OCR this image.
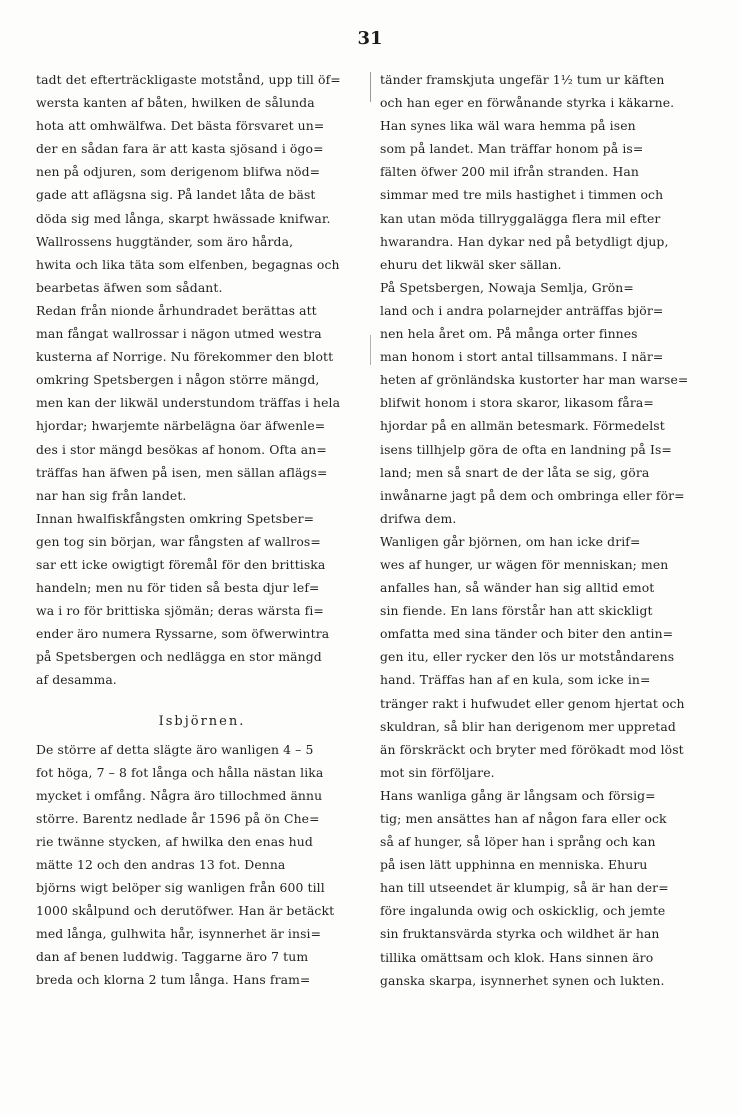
31
tadt det efterträckligaste motstånd, upp till öf=
wersta kanten af båten, hwilken de sålunda
hota att omhwälfwa. Det bästa försvaret un=
der en sådan fara är att kasta sjösand i ögo=
nen på odjuren, som derigenom blifwa nöd=
gade att aflägsna sig. På landet låta de bäst
döda sig med långa, skarpt hwässade knifwar.
Wallrossens huggtänder, som äro hårda,
hwita och lika täta som elfenben, begagnas och
bearbetas äfwen som sådant.
Redan från nionde århundradet berättas att
man fångat wallrossar i nägon utmed westra
kusterna af Norrige. Nu förekommer den blott
omkring Spetsbergen i någon större mängd,
men kan der likwäl understundom träffas i hela
hjordar; hwarjemte närbelägna öar äfwenle=
des i stor mängd besökas af honom. Ofta an=
träffas han äfwen på isen, men sällan aflägs=
nar han sig från landet.
Innan hwalfiskfångsten omkring Spetsber=
gen tog sin början, war fångsten af wallros=
sar ett icke owigtigt föremål för den brittiska
handeln; men nu för tiden så besta djur lef=
wa i ro för brittiska sjömän; deras wärsta fi=
ender äro numera Ryssarne, som öfwerwintra
på Spetsbergen och nedlägga en stor mängd
af desamma.
Isbjörnen.
De större af detta slägte äro wanligen 4 – 5
fot höga, 7 – 8 fot långa och hålla nästan lika
mycket i omfång. Några äro tillochmed ännu
större. Barentz nedlade år 1596 på ön Che=
rie twänne stycken, af hwilka den enas hud
mätte 12 och den andras 13 fot. Denna
björns wigt belöper sig wanligen från 600 till
1000 skålpund och derutöfwer. Han är betäckt
med långa, gulhwita hår, isynnerhet är insi=
dan af benen luddwig. Taggarne äro 7 tum
breda och klorna 2 tum långa. Hans fram=
tänder framskjuta ungefär 1½ tum ur käften
och han eger en förwånande styrka i käkarne.
Han synes lika wäl wara hemma på isen
som på landet. Man träffar honom på is=
fälten öfwer 200 mil ifrån stranden. Han
simmar med tre mils hastighet i timmen och
kan utan möda tillryggalägga flera mil efter
hwarandra. Han dykar ned på betydligt djup,
ehuru det likwäl sker sällan.
På Spetsbergen, Nowaja Semlja, Grön=
land och i andra polarnejder anträffas björ=
nen hela året om. På många orter finnes
man honom i stort antal tillsammans. I när=
heten af grönländska kustorter har man warse=
blifwit honom i stora skaror, likasom fåra=
hjordar på en allmän betesmark. Förmedelst
isens tillhjelp göra de ofta en landning på Is=
land; men så snart de der låta se sig, göra
inwånarne jagt på dem och ombringa eller för=
drifwa dem.
Wanligen går björnen, om han icke drif=
wes af hunger, ur wägen för menniskan; men
anfalles han, så wänder han sig alltid emot
sin fiende. En lans förstår han att skickligt
omfatta med sina tänder och biter den antin=
gen itu, eller rycker den lös ur motståndarens
hand. Träffas han af en kula, som icke in=
tränger rakt i hufwudet eller genom hjertat och
skuldran, så blir han derigenom mer uppretad
än förskräckt och bryter med förökadt mod löst
mot sin förföljare.
Hans wanliga gång är långsam och försig=
tig; men ansättes han af någon fara eller ock
så af hunger, så löper han i språng och kan
på isen lätt upphinna en menniska. Ehuru
han till utseendet är klumpig, så är han der=
före ingalunda owig och oskicklig, och jemte
sin fruktansvärda styrka och wildhet är han
tillika omättsam och klok. Hans sinnen äro
ganska skarpa, isynnerhet synen och lukten.
